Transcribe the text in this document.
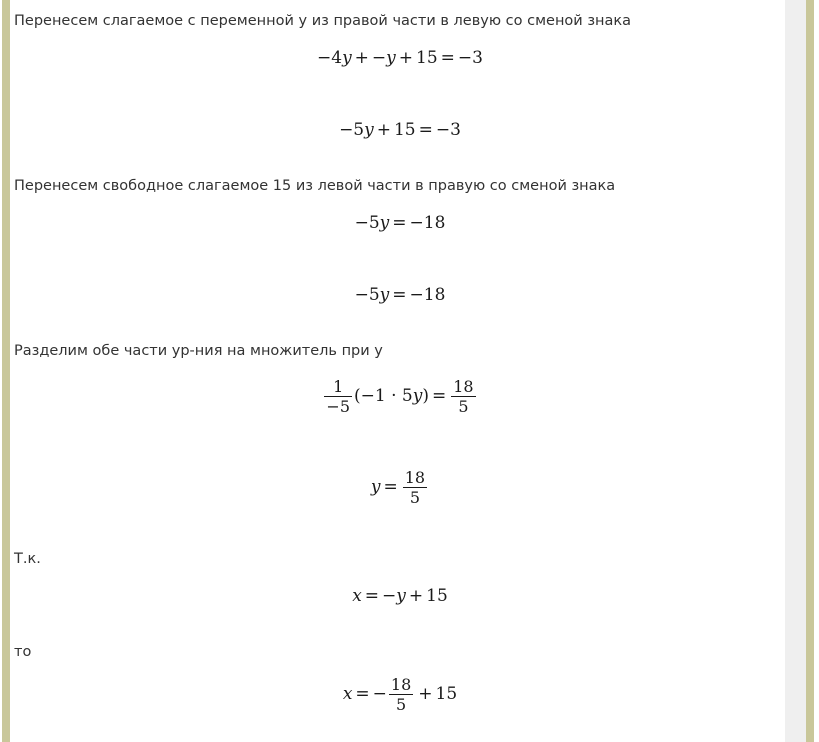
Перенесем слагаемое с переменной y из правой части в левую со сменой знака
−4y + −y + 15 = −3
−5y + 15 = −3
Перенесем свободное слагаемое 15 из левой части в правую со сменой знака
−5y = −18
−5y = −18
Разделим обе части ур-ния на множитель при y
$\frac{1}{-5} (-1 \cdot 5y) = \frac{18}{5}$
$y = \frac{18}{5}$
Т.к.
x = −y + 15
то
x = − $\frac{18}{5} + 15$
